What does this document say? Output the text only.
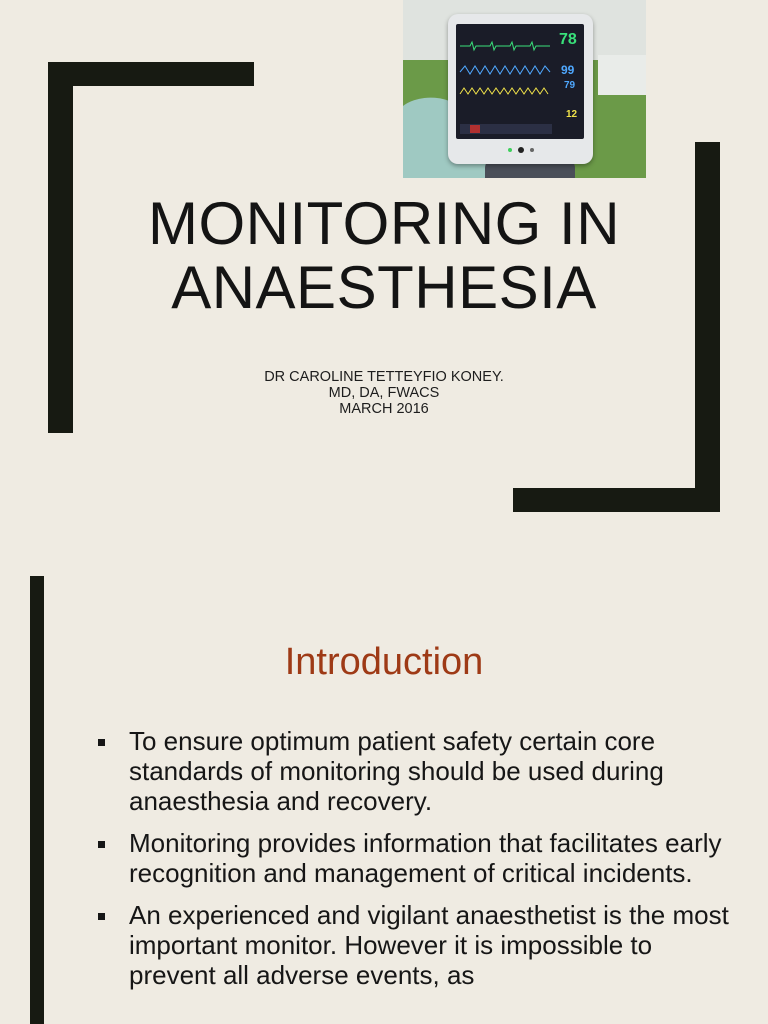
78
99
79
12
MONITORING IN
ANAESTHESIA
DR CAROLINE TETTEYFIO KONEY.
MD, DA, FWACS
MARCH 2016
Introduction
To ensure optimum patient safety certain core standards of monitoring should be used during anaesthesia and recovery.
Monitoring provides information that facilitates early recognition and management of critical incidents.
An experienced and vigilant anaesthetist is the most important monitor. However it is impossible to prevent all adverse events, as
